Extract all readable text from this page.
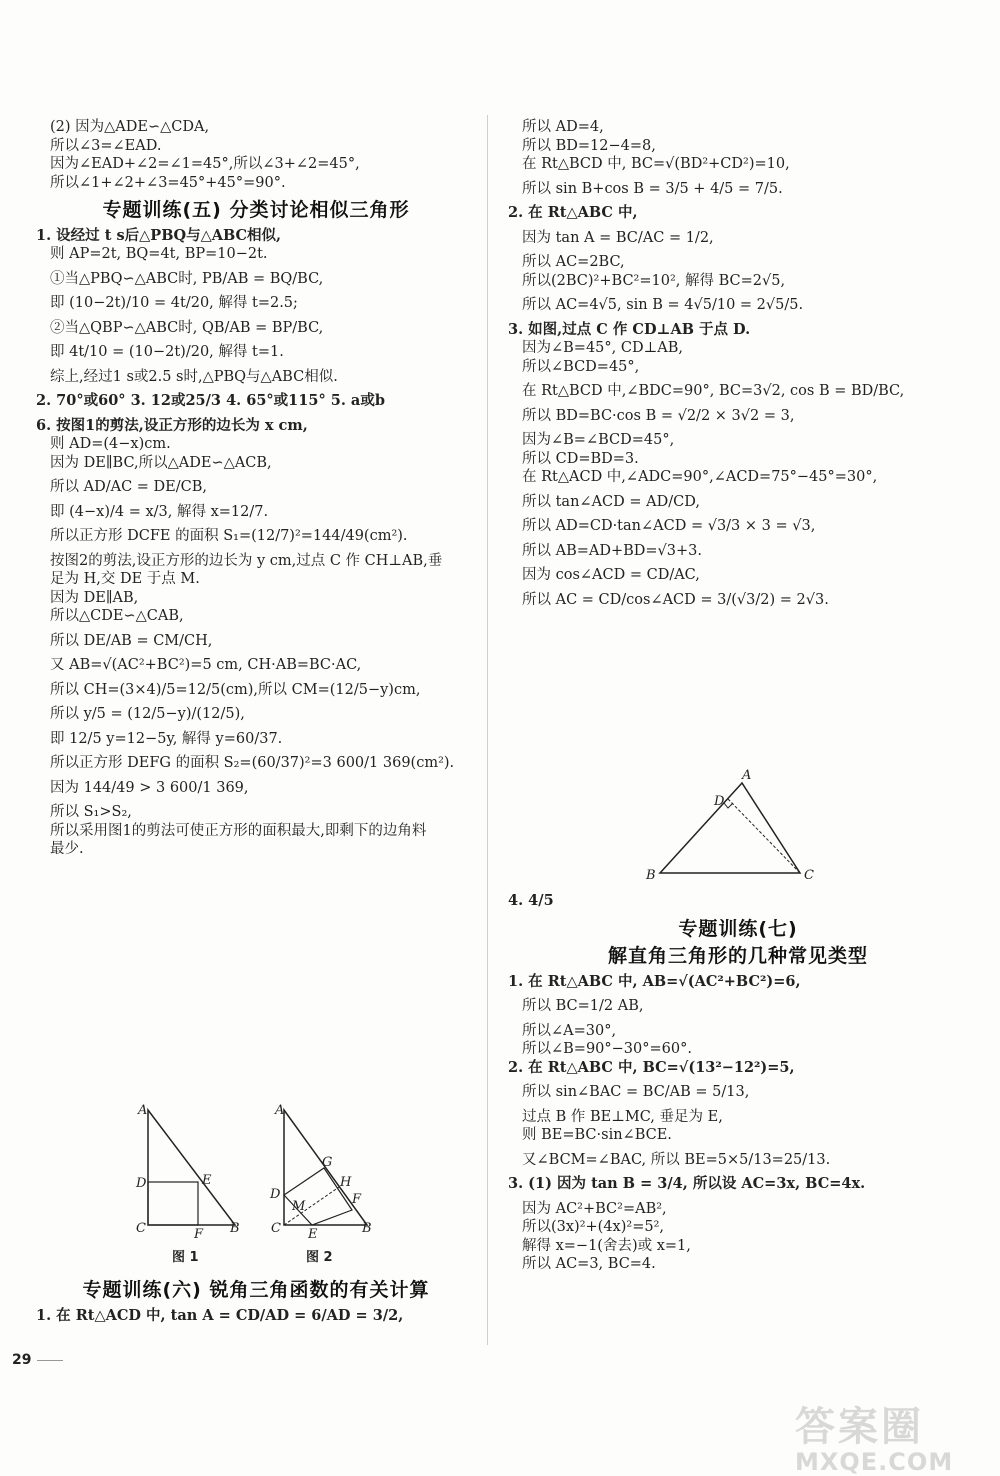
(2) 因为△ADE∽△CDA,
所以∠3=∠EAD.
因为∠EAD+∠2=∠1=45°,所以∠3+∠2=45°,
所以∠1+∠2+∠3=45°+45°=90°.
专题训练(五) 分类讨论相似三角形
1. 设经过 t s后△PBQ与△ABC相似,
则 AP=2t, BQ=4t, BP=10−2t.
①当△PBQ∽△ABC时, PB/AB = BQ/BC,
即 (10−2t)/10 = 4t/20, 解得 t=2.5;
②当△QBP∽△ABC时, QB/AB = BP/BC,
即 4t/10 = (10−2t)/20, 解得 t=1.
综上,经过1 s或2.5 s时,△PBQ与△ABC相似.
2. 70°或60° 3. 12或25/3 4. 65°或115° 5. a或b
6. 按图1的剪法,设正方形的边长为 x cm,
则 AD=(4−x)cm.
因为 DE∥BC,所以△ADE∽△ACB,
所以 AD/AC = DE/CB,
即 (4−x)/4 = x/3, 解得 x=12/7.
所以正方形 DCFE 的面积 S₁=(12/7)²=144/49(cm²).
按图2的剪法,设正方形的边长为 y cm,过点 C 作 CH⊥AB,垂
足为 H,交 DE 于点 M.
因为 DE∥AB,
所以△CDE∽△CAB,
所以 DE/AB = CM/CH,
又 AB=√(AC²+BC²)=5 cm, CH·AB=BC·AC,
所以 CH=(3×4)/5=12/5(cm),所以 CM=(12/5−y)cm,
所以 y/5 = (12/5−y)/(12/5),
即 12/5 y=12−5y, 解得 y=60/37.
所以正方形 DEFG 的面积 S₂=(60/37)²=3 600/1 369(cm²).
因为 144/49 > 3 600/1 369,
所以 S₁>S₂,
所以采用图1的剪法可使正方形的面积最大,即剩下的边角料
最少.
专题训练(六) 锐角三角函数的有关计算
1. 在 Rt△ACD 中, tan A = CD/AD = 6/AD = 3/2,
所以 AD=4,
所以 BD=12−4=8,
在 Rt△BCD 中, BC=√(BD²+CD²)=10,
所以 sin B+cos B = 3/5 + 4/5 = 7/5.
2. 在 Rt△ABC 中,
因为 tan A = BC/AC = 1/2,
所以 AC=2BC,
所以(2BC)²+BC²=10², 解得 BC=2√5,
所以 AC=4√5, sin B = 4√5/10 = 2√5/5.
3. 如图,过点 C 作 CD⊥AB 于点 D.
因为∠B=45°, CD⊥AB,
所以∠BCD=45°,
在 Rt△BCD 中,∠BDC=90°, BC=3√2, cos B = BD/BC,
所以 BD=BC·cos B = √2/2 × 3√2 = 3,
因为∠B=∠BCD=45°,
所以 CD=BD=3.
在 Rt△ACD 中,∠ADC=90°,∠ACD=75°−45°=30°,
所以 tan∠ACD = AD/CD,
所以 AD=CD·tan∠ACD = √3/3 × 3 = √3,
所以 AB=AD+BD=√3+3.
因为 cos∠ACD = CD/AC,
所以 AC = CD/cos∠ACD = 3/(√3/2) = 2√3.
4. 4/5
专题训练(七)
解直角三角形的几种常见类型
1. 在 Rt△ABC 中, AB=√(AC²+BC²)=6,
所以 BC=1/2 AB,
所以∠A=30°,
所以∠B=90°−30°=60°.
2. 在 Rt△ABC 中, BC=√(13²−12²)=5,
所以 sin∠BAC = BC/AB = 5/13,
过点 B 作 BE⊥MC, 垂足为 E,
则 BE=BC·sin∠BCE.
又∠BCM=∠BAC, 所以 BE=5×5/13=25/13.
3. (1) 因为 tan B = 3/4, 所以设 AC=3x, BC=4x.
因为 AC²+BC²=AB²,
所以(3x)²+(4x)²=5²,
解得 x=−1(舍去)或 x=1,
所以 AC=3, BC=4.
A
D	E
C	F B
图 1
A
G
H
D
M	F
C E	B
图 2
A
D
B	C
29
答案圈
MXQE.COM
